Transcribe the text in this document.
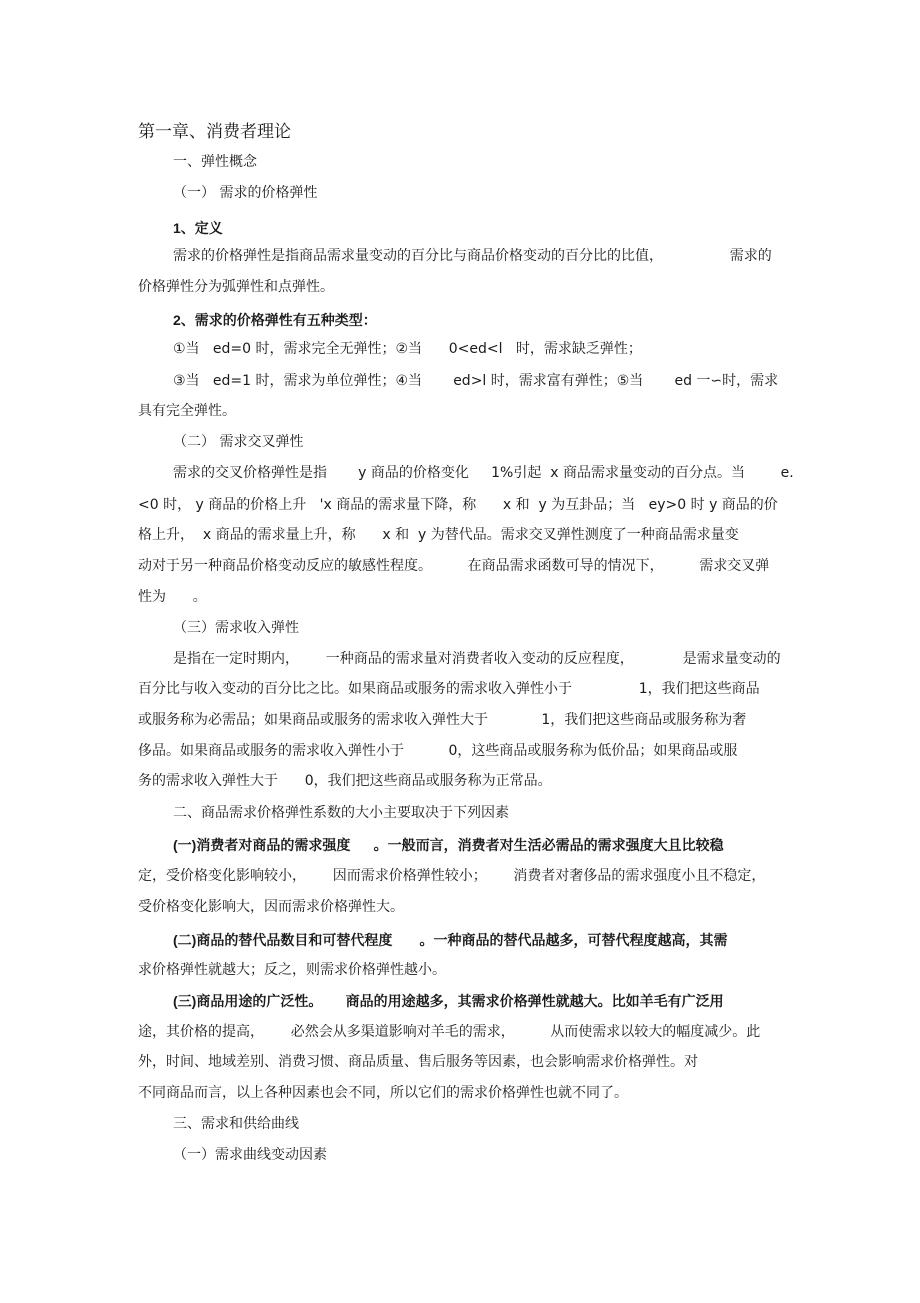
第一章、消费者理论
一、弹性概念
（一） 需求的价格弹性
1、定义
需求的价格弹性是指商品需求量变动的百分比与商品价格变动的百分比的比值，               需求的
价格弹性分为弧弹性和点弹性。
2、需求的价格弹性有五种类型：
①当   ed=0 时，需求完全无弹性；②当      0<ed<l   时，需求缺乏弹性；
③当   ed=1 时，需求为单位弹性；④当       ed>l 时，需求富有弹性；⑤当       ed 一∽时，需求
具有完全弹性。
（二） 需求交叉弹性
需求的交叉价格弹性是指       y 商品的价格变化     1%引起  x 商品需求量变动的百分点。当        e.
<0 时， y 商品的价格上升   'x 商品的需求量下降，称      x 和  y 为互卦品；当   ey>0 时 y 商品的价
格上升，  x 商品的需求量上升，称      x 和  y 为替代品。需求交叉弹性测度了一种商品需求量变
动对于另一种商品价格变动反应的敏感性程度。        在商品需求函数可导的情况下，        需求交叉弹
性为      。
（三）需求收入弹性
是指在一定时期内，      一种商品的需求量对消费者收入变动的反应程度，           是需求量变动的
百分比与收入变动的百分比之比。如果商品或服务的需求收入弹性小于               1，我们把这些商品
或服务称为必需品；如果商品或服务的需求收入弹性大于            1，我们把这些商品或服务称为奢
侈品。如果商品或服务的需求收入弹性小于          0，这些商品或服务称为低价品；如果商品或服
务的需求收入弹性大于      0，我们把这些商品或服务称为正常品。
二、商品需求价格弹性系数的大小主要取决于下列因素
(一)消费者对商品的需求强度      。一般而言，消费者对生活必需品的需求强度大且比较稳
定，受价格变化影响较小，      因而需求价格弹性较小；      消费者对奢侈品的需求强度小且不稳定，
受价格变化影响大，因而需求价格弹性大。
(二)商品的替代品数目和可替代程度       。一种商品的替代品越多，可替代程度越高，其需
求价格弹性就越大；反之，则需求价格弹性越小。
(三)商品用途的广泛性。      商品的用途越多，其需求价格弹性就越大。比如羊毛有广泛用
途，其价格的提高，      必然会从多渠道影响对羊毛的需求，        从而使需求以较大的幅度减少。此
外，时间、地域差别、消费习惯、商品质量、售后服务等因素，也会影响需求价格弹性。对
不同商品而言，以上各种因素也会不同，所以它们的需求价格弹性也就不同了。
三、需求和供给曲线
（一）需求曲线变动因素
